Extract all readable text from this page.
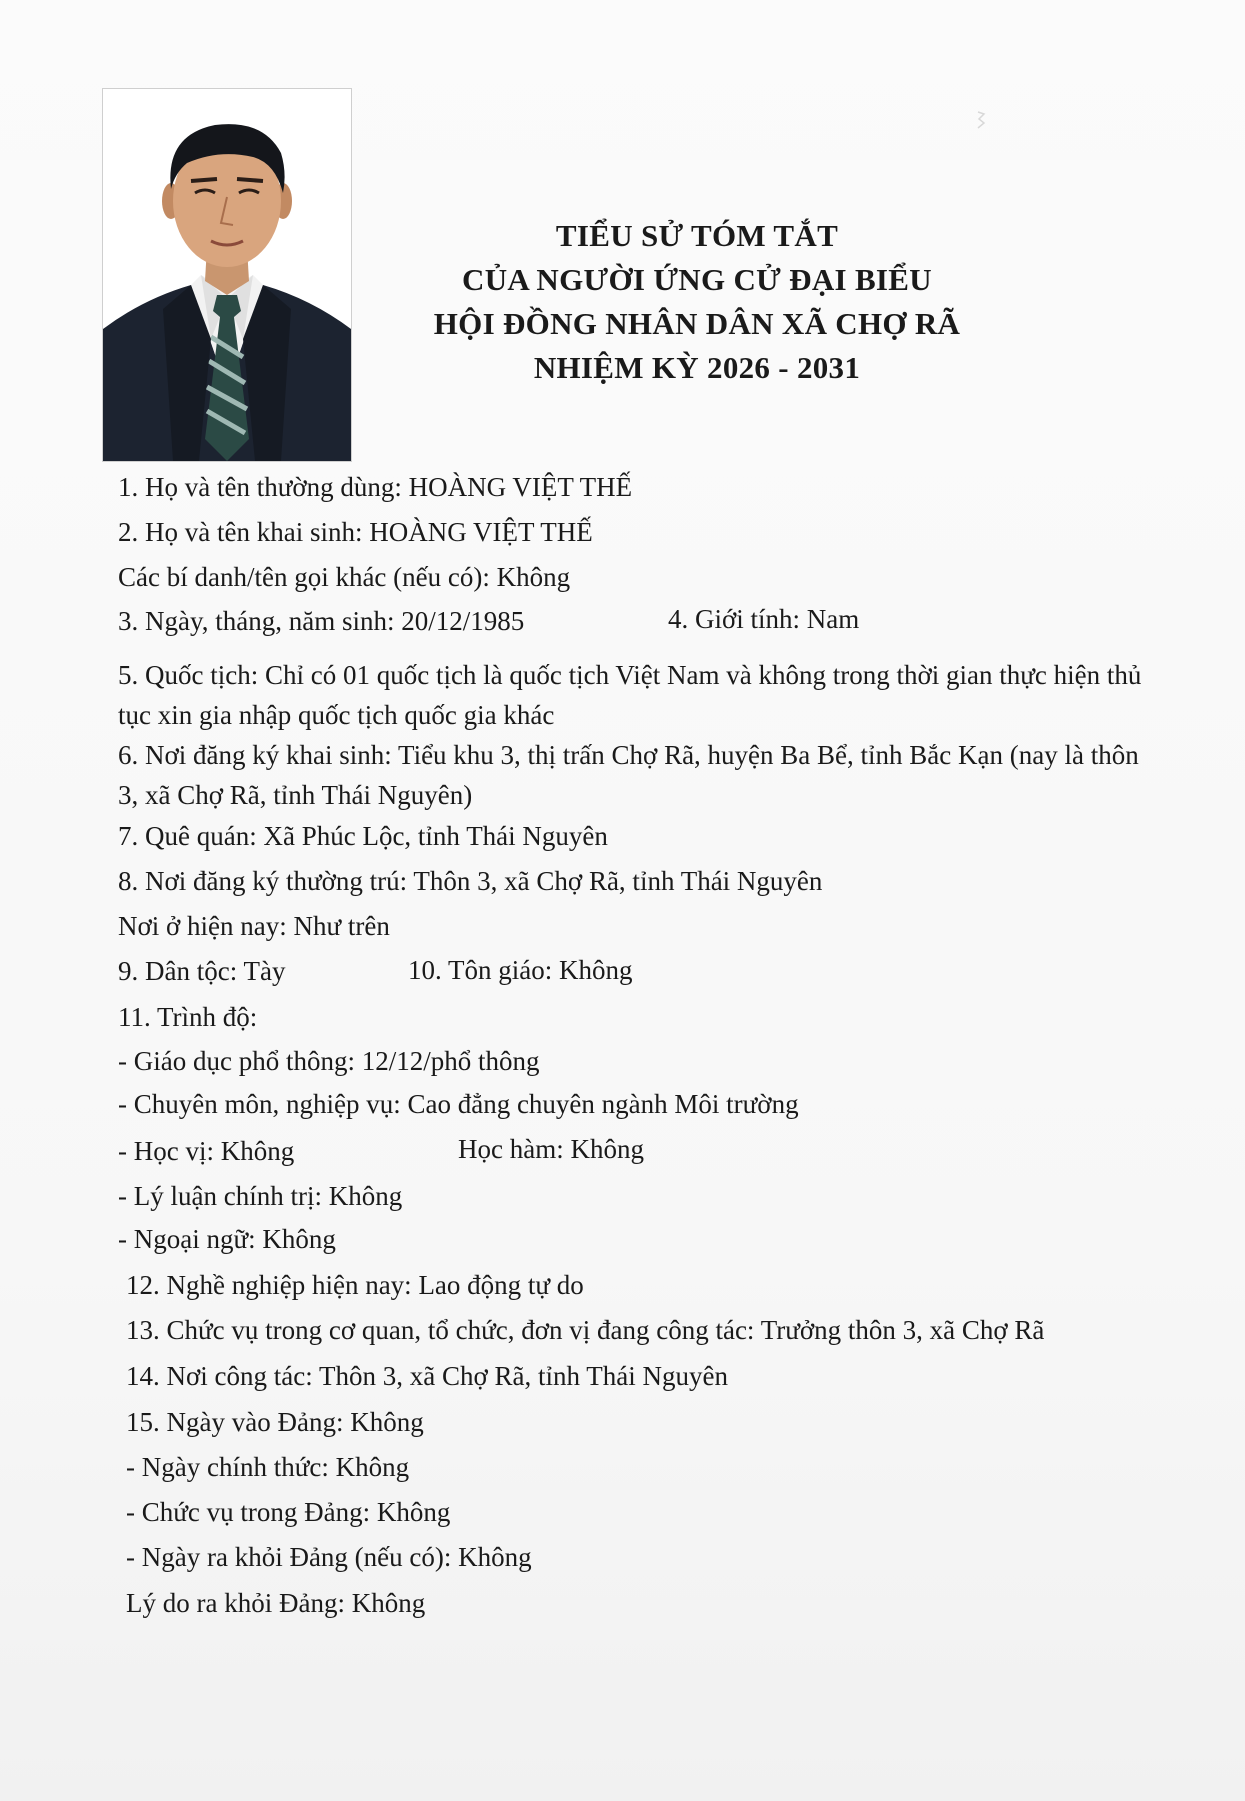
TIỂU SỬ TÓM TẮT
CỦA NGƯỜI ỨNG CỬ ĐẠI BIỂU
HỘI ĐỒNG NHÂN DÂN XÃ CHỢ RÃ
NHIỆM KỲ 2026 - 2031
1. Họ và tên thường dùng: HOÀNG VIỆT THẾ
2. Họ và tên khai sinh: HOÀNG VIỆT THẾ
Các bí danh/tên gọi khác (nếu có): Không
3. Ngày, tháng, năm sinh: 20/12/1985	4. Giới tính: Nam
5. Quốc tịch: Chỉ có 01 quốc tịch là quốc tịch Việt Nam và không trong thời gian thực hiện thủ tục xin gia nhập quốc tịch quốc gia khác
6. Nơi đăng ký khai sinh: Tiểu khu 3, thị trấn Chợ Rã, huyện Ba Bể, tỉnh Bắc Kạn (nay là thôn 3, xã Chợ Rã, tỉnh Thái Nguyên)
7. Quê quán: Xã Phúc Lộc, tỉnh Thái Nguyên
8. Nơi đăng ký thường trú: Thôn 3, xã Chợ Rã, tỉnh Thái Nguyên
Nơi ở hiện nay: Như trên
9. Dân tộc: Tày	10. Tôn giáo: Không
11. Trình độ:
- Giáo dục phổ thông: 12/12/phổ thông
- Chuyên môn, nghiệp vụ: Cao đẳng chuyên ngành Môi trường
- Học vị: Không	Học hàm: Không
- Lý luận chính trị: Không
- Ngoại ngữ: Không
12. Nghề nghiệp hiện nay: Lao động tự do
13. Chức vụ trong cơ quan, tổ chức, đơn vị đang công tác: Trưởng thôn 3, xã Chợ Rã
14. Nơi công tác: Thôn 3, xã Chợ Rã, tỉnh Thái Nguyên
15. Ngày vào Đảng: Không
- Ngày chính thức: Không
- Chức vụ trong Đảng: Không
- Ngày ra khỏi Đảng (nếu có): Không
Lý do ra khỏi Đảng: Không
